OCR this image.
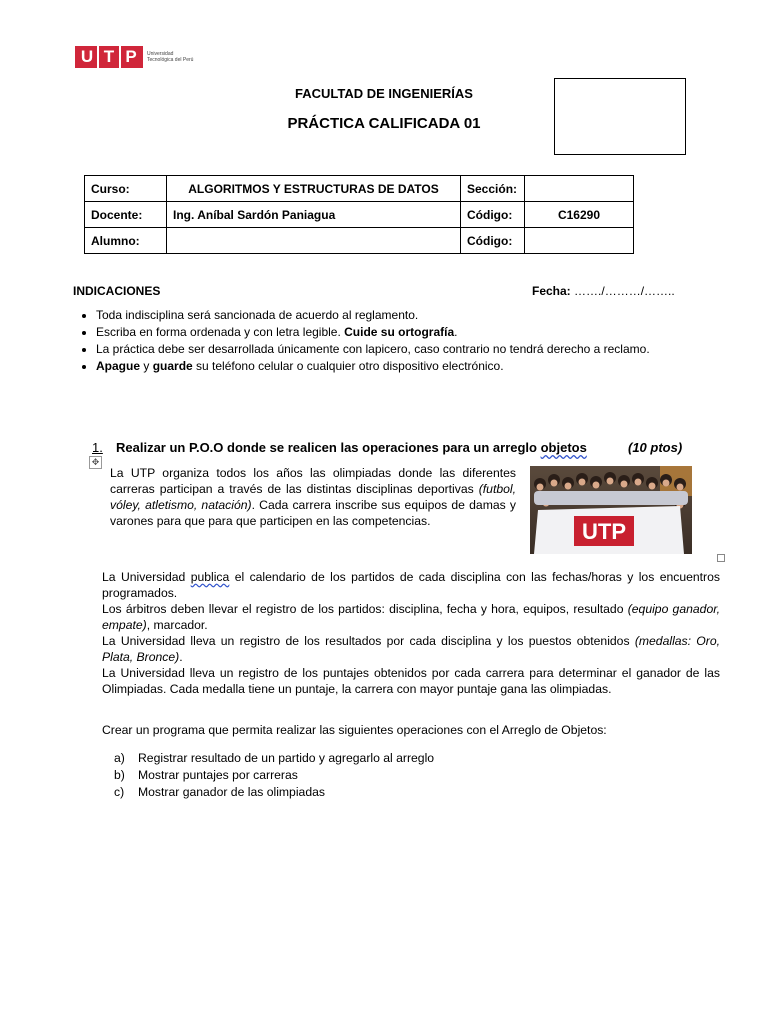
U T P	Universidad Tecnológica del Perú
FACULTAD DE INGENIERÍAS
PRÁCTICA CALIFICADA 01
Curso:	ALGORITMOS Y ESTRUCTURAS DE DATOS	Sección:	
Docente:	Ing. Aníbal Sardón Paniagua	Código:	C16290
Alumno:		Código:	
INDICACIONES	Fecha: ……./………/……..
• Toda indisciplina será sancionada de acuerdo al reglamento.
• Escriba en forma ordenada y con letra legible. Cuide su ortografía.
• La práctica debe ser desarrollada únicamente con lapicero, caso contrario no tendrá derecho a reclamo.
• Apague y guarde su teléfono celular o cualquier otro dispositivo electrónico.
1. Realizar un P.O.O donde se realicen las operaciones para un arreglo objetos	(10 ptos)
✥
La UTP organiza todos los años las olimpiadas donde las diferentes carreras participan a través de las distintas disciplinas deportivas (futbol, vóley, atletismo, natación). Cada carrera inscribe sus equipos de damas y varones para que para que participen en las competencias.	UTP

La Universidad publica el calendario de los partidos de cada disciplina con las fechas/horas y los encuentros programados.

Los árbitros deben llevar el registro de los partidos: disciplina, fecha y hora, equipos, resultado (equipo ganador, empate), marcador.

La Universidad lleva un registro de los resultados por cada disciplina y los puestos obtenidos (medallas: Oro, Plata, Bronce).

La Universidad lleva un registro de los puntajes obtenidos por cada carrera para determinar el ganador de las Olimpiadas. Cada medalla tiene un puntaje, la carrera con mayor puntaje gana las olimpiadas.

Crear un programa que permita realizar las siguientes operaciones con el Arreglo de Objetos:
a)	Registrar resultado de un partido y agregarlo al arreglo
b)	Mostrar puntajes por carreras
c)	Mostrar ganador de las olimpiadas
